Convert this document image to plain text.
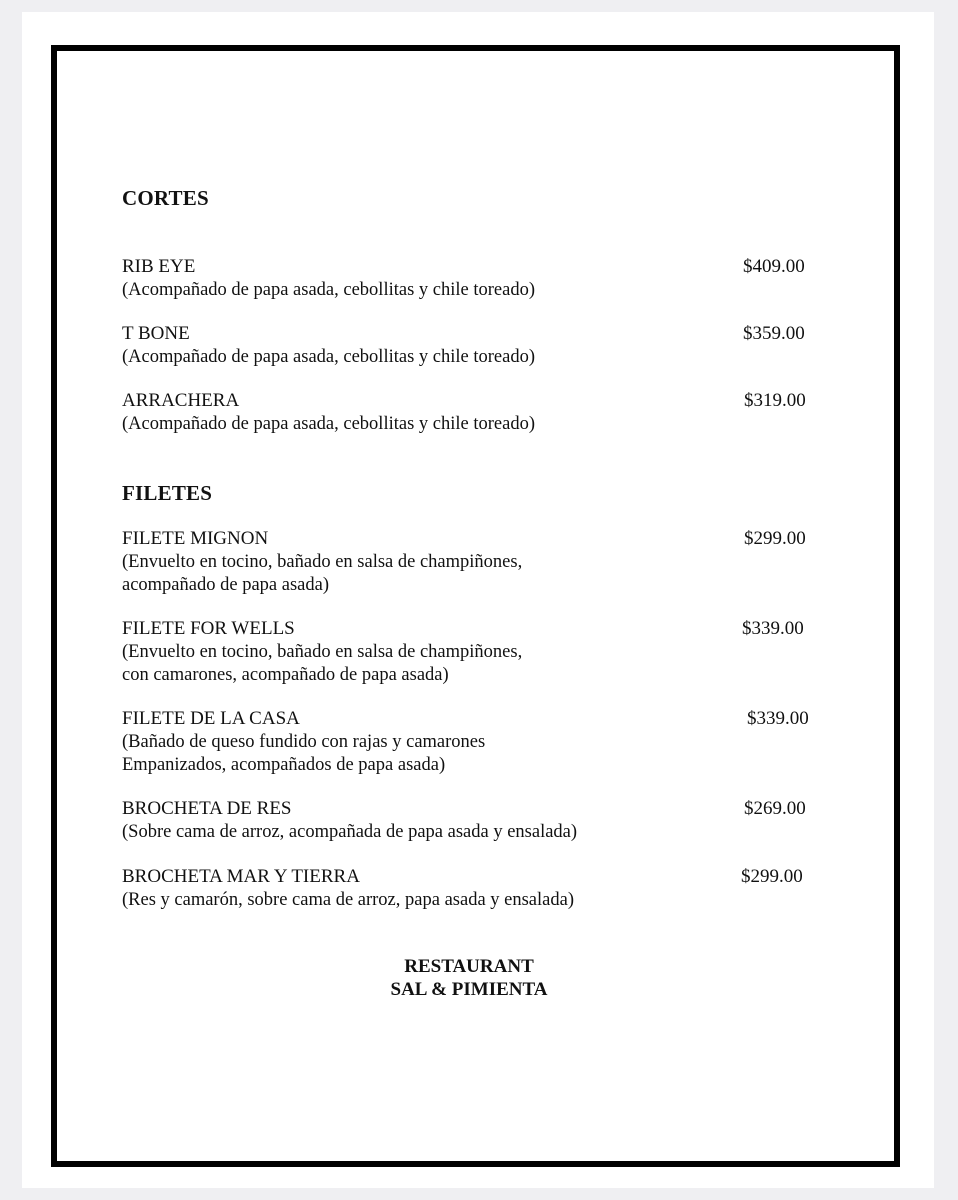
CORTES
RIB EYE	$409.00
(Acompañado de papa asada, cebollitas y chile toreado)
T BONE	$359.00
(Acompañado de papa asada, cebollitas y chile toreado)
ARRACHERA	$319.00
(Acompañado de papa asada, cebollitas y chile toreado)
FILETES
FILETE MIGNON	$299.00
(Envuelto en tocino, bañado en salsa de champiñones,
acompañado de papa asada)
FILETE FOR WELLS	$339.00
(Envuelto en tocino, bañado en salsa de champiñones,
con camarones, acompañado de papa asada)
FILETE DE LA CASA	$339.00
(Bañado de queso fundido con rajas y camarones
Empanizados, acompañados de papa asada)
BROCHETA DE RES	$269.00
(Sobre cama de arroz, acompañada de papa asada y ensalada)
BROCHETA MAR Y TIERRA	$299.00
(Res y camarón, sobre cama de arroz, papa asada y ensalada)
RESTAURANT
SAL & PIMIENTA
